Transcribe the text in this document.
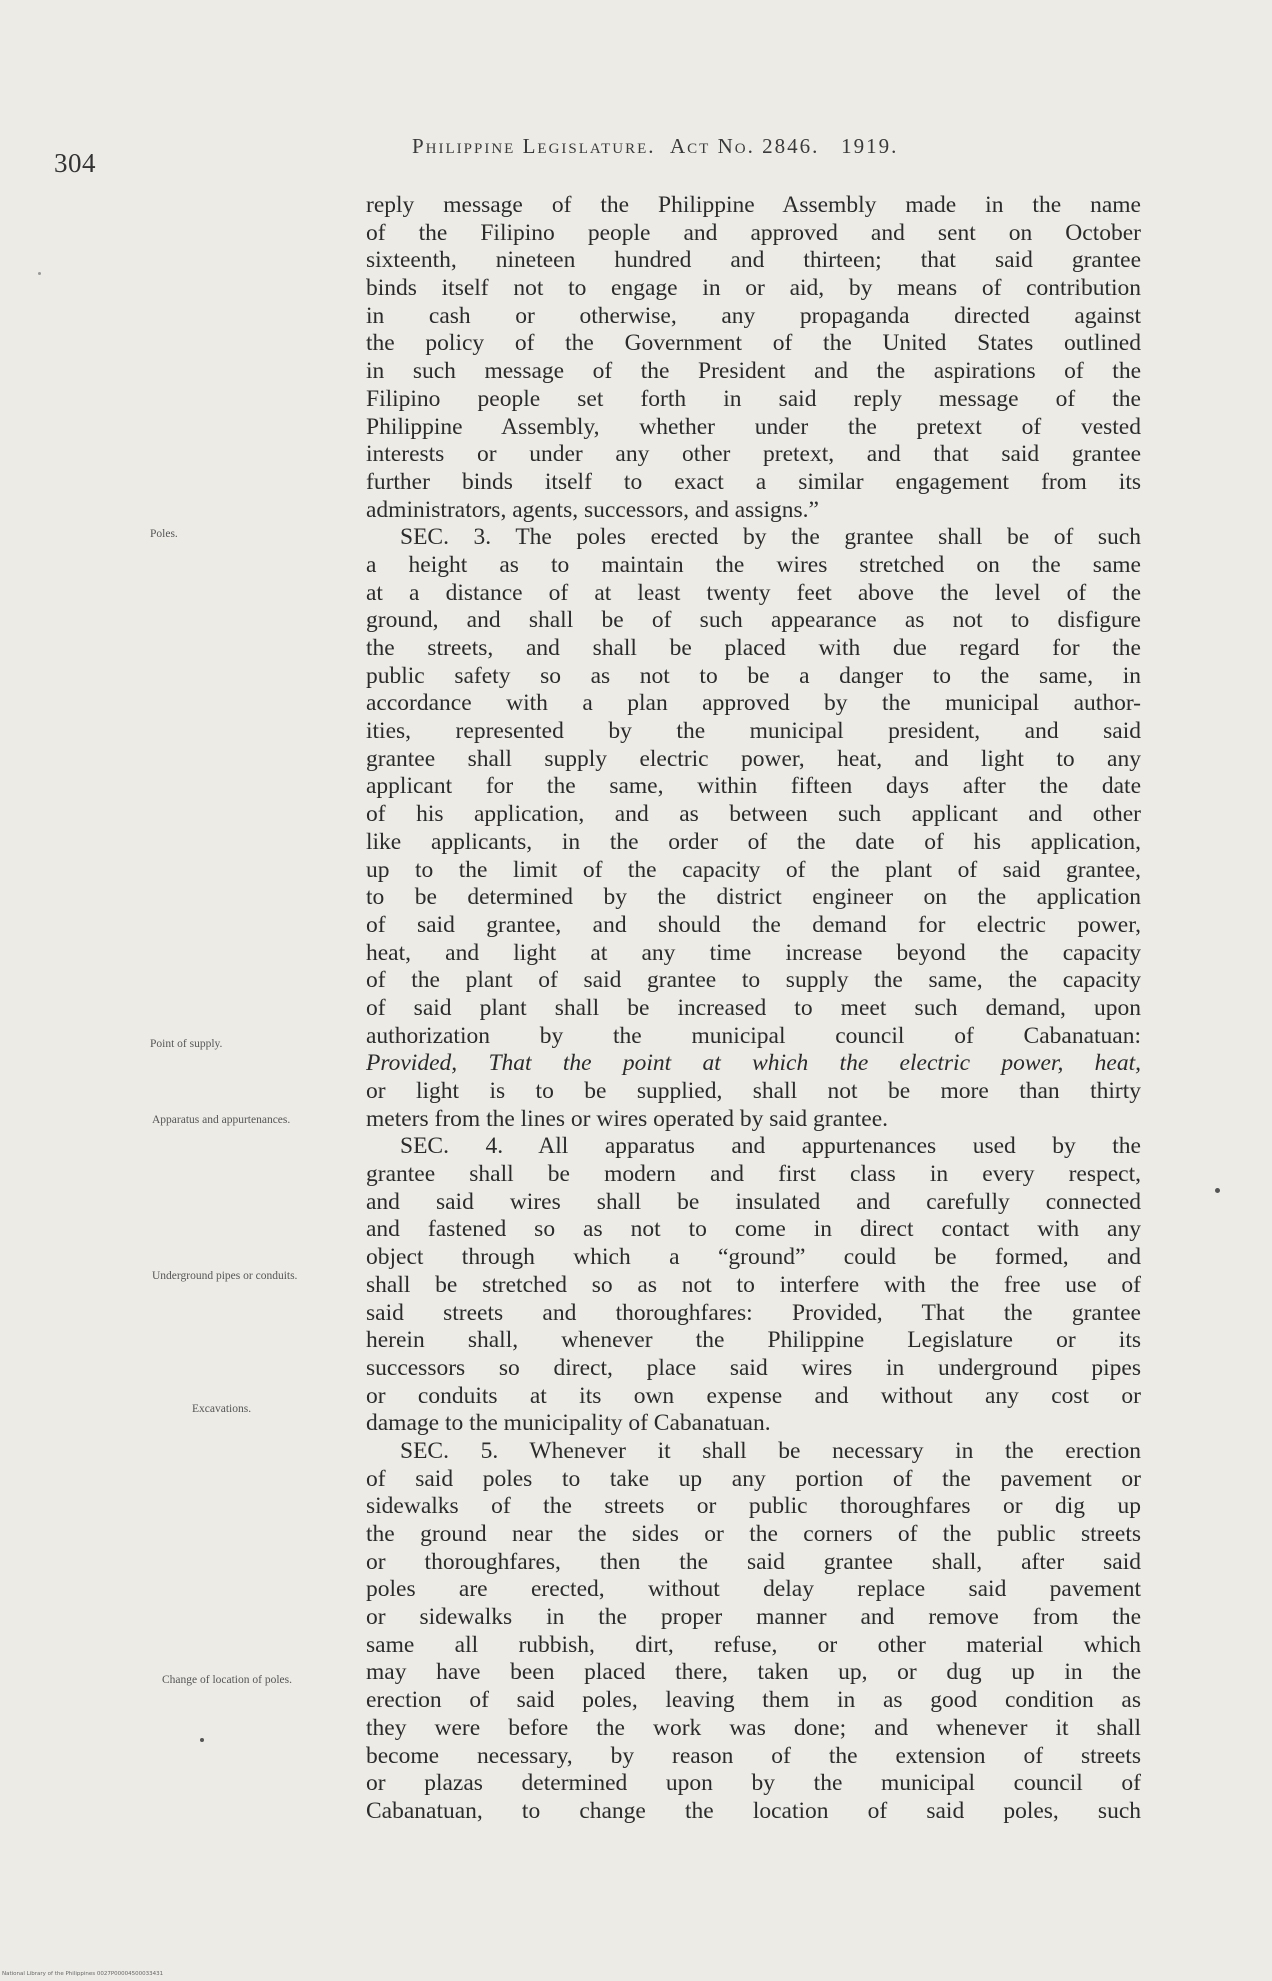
304
Philippine Legislature. Act No. 2846. 1919.
Poles.
Point of supply.
Apparatus and appurtenances.
Underground pipes or conduits.
Excavations.
Change of location of poles.
reply message of the Philippine Assembly made in the name
of the Filipino people and approved and sent on October
sixteenth, nineteen hundred and thirteen; that said grantee
binds itself not to engage in or aid, by means of contribution
in cash or otherwise, any propaganda directed against
the policy of the Government of the United States outlined
in such message of the President and the aspirations of the
Filipino people set forth in said reply message of the
Philippine Assembly, whether under the pretext of vested
interests or under any other pretext, and that said grantee
further binds itself to exact a similar engagement from its
administrators, agents, successors, and assigns.”
SEC. 3. The poles erected by the grantee shall be of such
a height as to maintain the wires stretched on the same
at a distance of at least twenty feet above the level of the
ground, and shall be of such appearance as not to disfigure
the streets, and shall be placed with due regard for the
public safety so as not to be a danger to the same, in
accordance with a plan approved by the municipal author-
ities, represented by the municipal president, and said
grantee shall supply electric power, heat, and light to any
applicant for the same, within fifteen days after the date
of his application, and as between such applicant and other
like applicants, in the order of the date of his application,
up to the limit of the capacity of the plant of said grantee,
to be determined by the district engineer on the application
of said grantee, and should the demand for electric power,
heat, and light at any time increase beyond the capacity
of the plant of said grantee to supply the same, the capacity
of said plant shall be increased to meet such demand, upon
authorization by the municipal council of Cabanatuan:
Provided, That the point at which the electric power, heat,
or light is to be supplied, shall not be more than thirty
meters from the lines or wires operated by said grantee.
SEC. 4. All apparatus and appurtenances used by the
grantee shall be modern and first class in every respect,
and said wires shall be insulated and carefully connected
and fastened so as not to come in direct contact with any
object through which a “ground” could be formed, and
shall be stretched so as not to interfere with the free use of
said streets and thoroughfares: Provided, That the grantee
herein shall, whenever the Philippine Legislature or its
successors so direct, place said wires in underground pipes
or conduits at its own expense and without any cost or
damage to the municipality of Cabanatuan.
SEC. 5. Whenever it shall be necessary in the erection
of said poles to take up any portion of the pavement or
sidewalks of the streets or public thoroughfares or dig up
the ground near the sides or the corners of the public streets
or thoroughfares, then the said grantee shall, after said
poles are erected, without delay replace said pavement
or sidewalks in the proper manner and remove from the
same all rubbish, dirt, refuse, or other material which
may have been placed there, taken up, or dug up in the
erection of said poles, leaving them in as good condition as
they were before the work was done; and whenever it shall
become necessary, by reason of the extension of streets
or plazas determined upon by the municipal council of
Cabanatuan, to change the location of said poles, such
National Library of the Philippines 0027P00004500033431
